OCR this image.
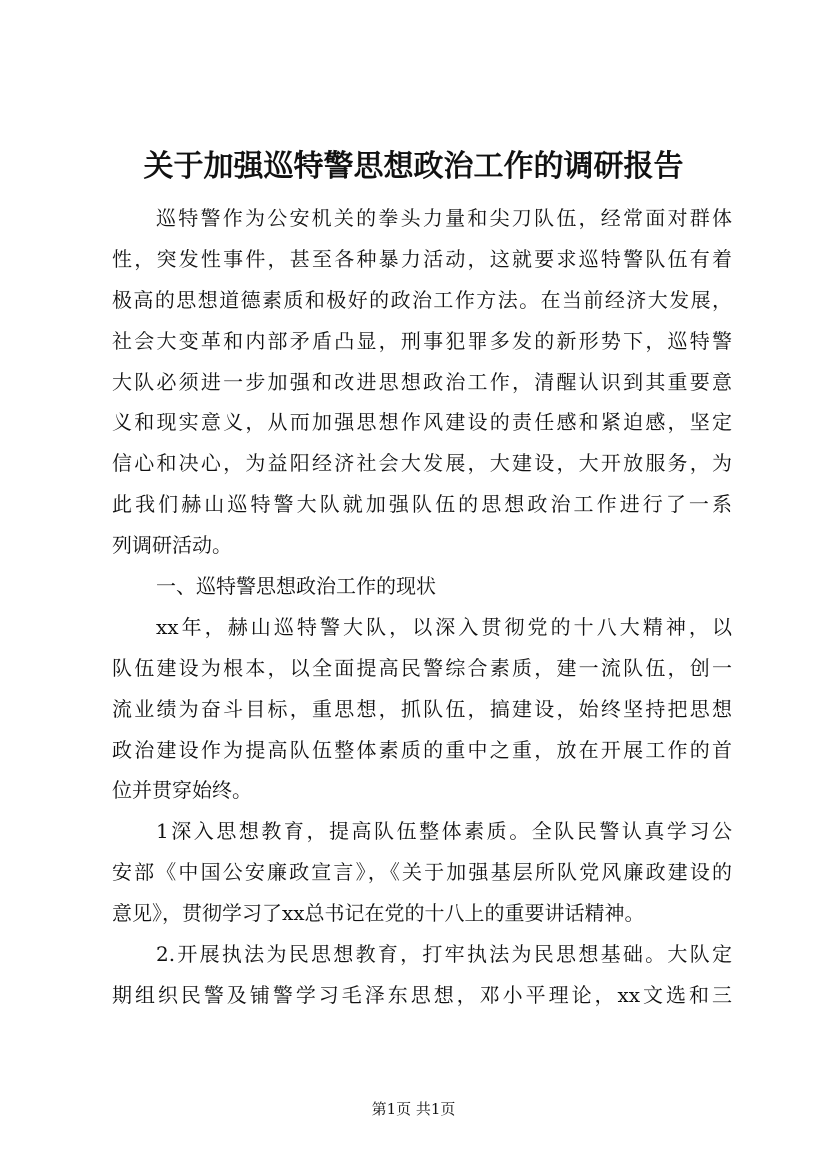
关于加强巡特警思想政治工作的调研报告
巡特警作为公安机关的拳头力量和尖刀队伍，经常面对群体
性，突发性事件，甚至各种暴力活动，这就要求巡特警队伍有着
极高的思想道德素质和极好的政治工作方法。在当前经济大发展，
社会大变革和内部矛盾凸显，刑事犯罪多发的新形势下，巡特警
大队必须进一步加强和改进思想政治工作，清醒认识到其重要意
义和现实意义，从而加强思想作风建设的责任感和紧迫感，坚定
信心和决心，为益阳经济社会大发展，大建设，大开放服务，为
此我们赫山巡特警大队就加强队伍的思想政治工作进行了一系
列调研活动。
一、巡特警思想政治工作的现状
xx年，赫山巡特警大队，以深入贯彻党的十八大精神，以
队伍建设为根本，以全面提高民警综合素质，建一流队伍，创一
流业绩为奋斗目标，重思想，抓队伍，搞建设，始终坚持把思想
政治建设作为提高队伍整体素质的重中之重，放在开展工作的首
位并贯穿始终。
1深入思想教育，提高队伍整体素质。全队民警认真学习公
安部《中国公安廉政宣言》，《关于加强基层所队党风廉政建设的
意见》，贯彻学习了xx总书记在党的十八上的重要讲话精神。
2.开展执法为民思想教育，打牢执法为民思想基础。大队定
期组织民警及铺警学习毛泽东思想，邓小平理论，xx文选和三
第1页 共1页
